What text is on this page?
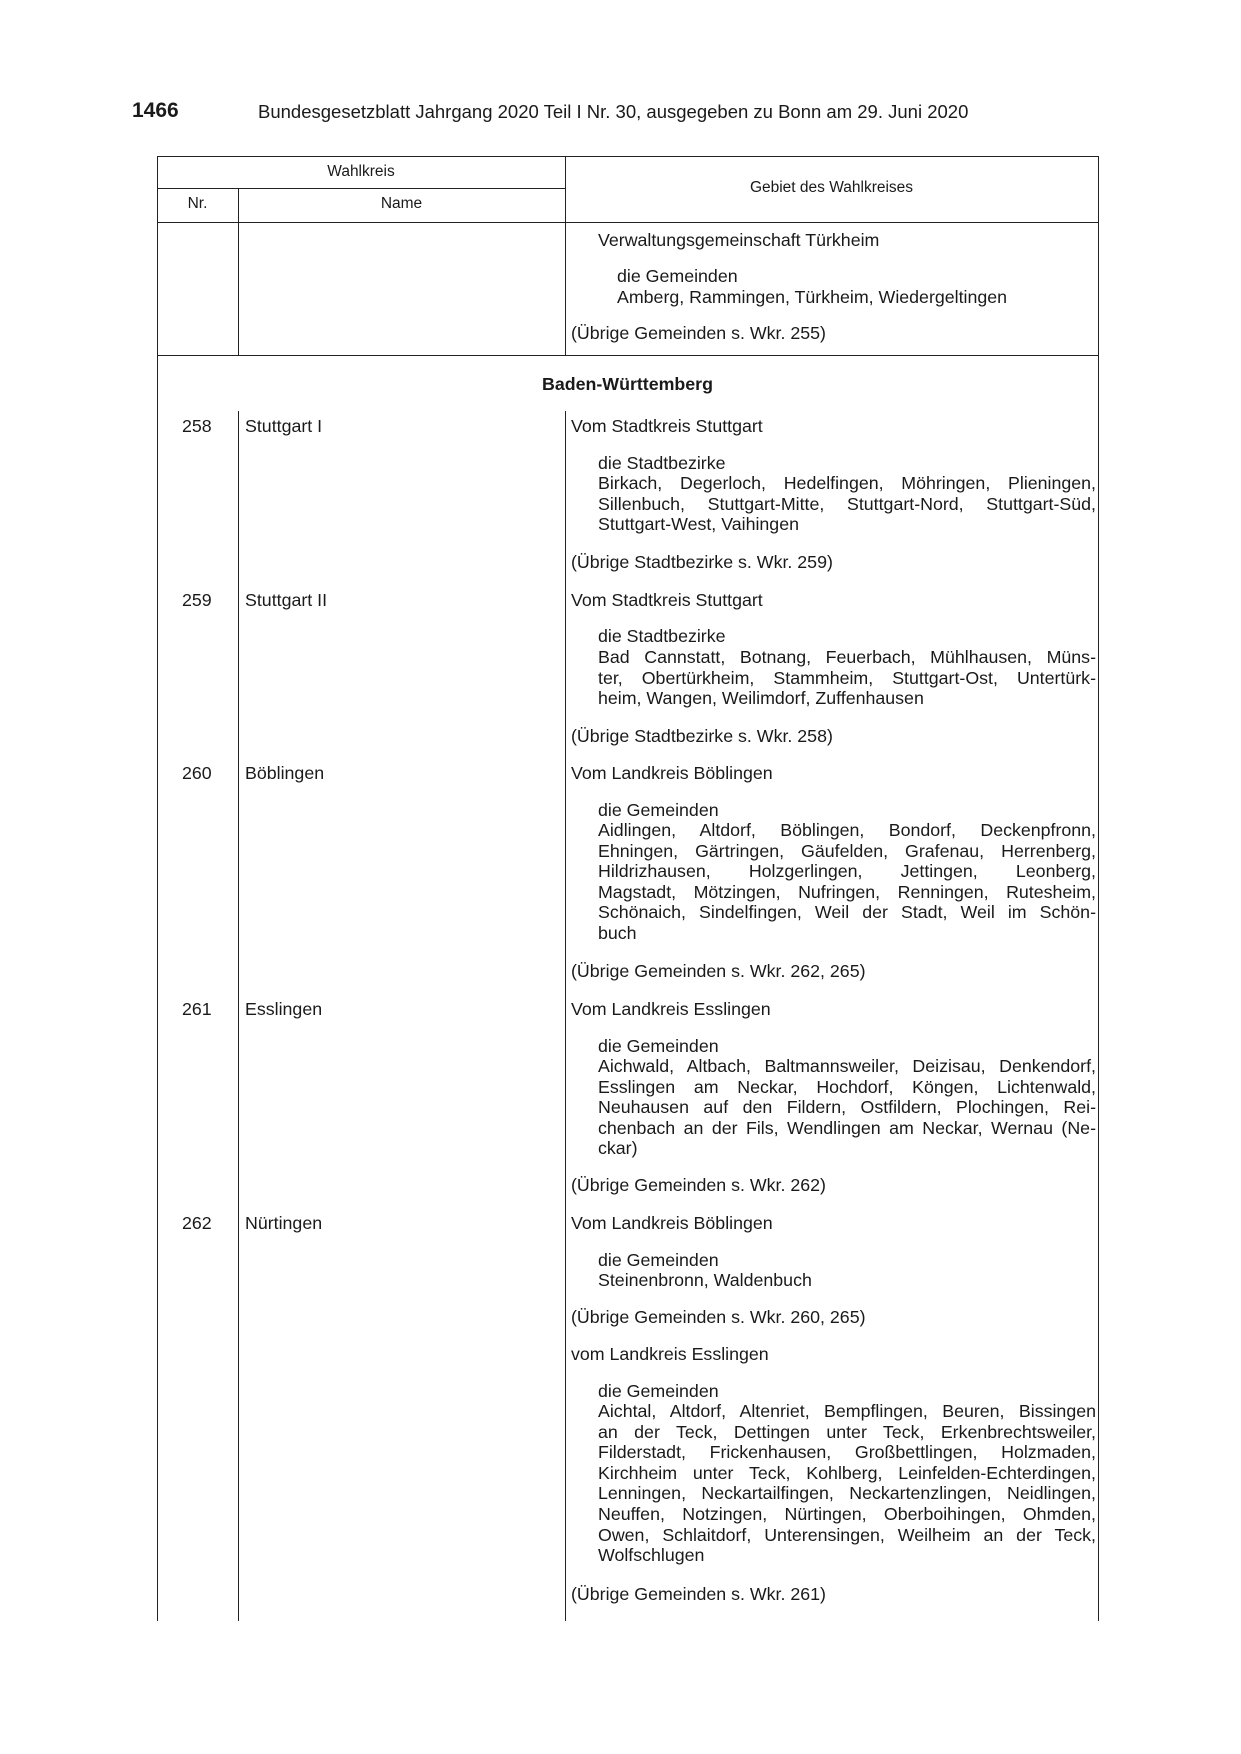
1466	Bundesgesetzblatt Jahrgang 2020 Teil I Nr. 30, ausgegeben zu Bonn am 29. Juni 2020
Wahlkreis
Nr.	Name
Gebiet des Wahlkreises
Verwaltungsgemeinschaft Türkheim
die Gemeinden
Amberg, Rammingen, Türkheim, Wiedergeltingen
(Übrige Gemeinden s. Wkr. 255)
Baden-Württemberg
258 Stuttgart I	Vom Stadtkreis Stuttgart
die Stadtbezirke
Birkach, Degerloch, Hedelfingen, Möhringen, Plieningen,
Sillenbuch, Stuttgart-Mitte, Stuttgart-Nord, Stuttgart-Süd,
Stuttgart-West, Vaihingen
(Übrige Stadtbezirke s. Wkr. 259)
259 Stuttgart II	Vom Stadtkreis Stuttgart
die Stadtbezirke
Bad Cannstatt, Botnang, Feuerbach, Mühlhausen, Müns-
ter, Obertürkheim, Stammheim, Stuttgart-Ost, Untertürk-
heim, Wangen, Weilimdorf, Zuffenhausen
(Übrige Stadtbezirke s. Wkr. 258)
260 Böblingen	Vom Landkreis Böblingen
die Gemeinden
Aidlingen, Altdorf, Böblingen, Bondorf, Deckenpfronn,
Ehningen, Gärtringen, Gäufelden, Grafenau, Herrenberg,
Hildrizhausen, Holzgerlingen, Jettingen, Leonberg,
Magstadt, Mötzingen, Nufringen, Renningen, Rutesheim,
Schönaich, Sindelfingen, Weil der Stadt, Weil im Schön-
buch
(Übrige Gemeinden s. Wkr. 262, 265)
261 Esslingen	Vom Landkreis Esslingen
die Gemeinden
Aichwald, Altbach, Baltmannsweiler, Deizisau, Denkendorf,
Esslingen am Neckar, Hochdorf, Köngen, Lichtenwald,
Neuhausen auf den Fildern, Ostfildern, Plochingen, Rei-
chenbach an der Fils, Wendlingen am Neckar, Wernau (Ne-
ckar)
(Übrige Gemeinden s. Wkr. 262)
262 Nürtingen	Vom Landkreis Böblingen
die Gemeinden
Steinenbronn, Waldenbuch
(Übrige Gemeinden s. Wkr. 260, 265)
vom Landkreis Esslingen
die Gemeinden
Aichtal, Altdorf, Altenriet, Bempflingen, Beuren, Bissingen
an der Teck, Dettingen unter Teck, Erkenbrechtsweiler,
Filderstadt, Frickenhausen, Großbettlingen, Holzmaden,
Kirchheim unter Teck, Kohlberg, Leinfelden-Echterdingen,
Lenningen, Neckartailfingen, Neckartenzlingen, Neidlingen,
Neuffen, Notzingen, Nürtingen, Oberboihingen, Ohmden,
Owen, Schlaitdorf, Unterensingen, Weilheim an der Teck,
Wolfschlugen
(Übrige Gemeinden s. Wkr. 261)
